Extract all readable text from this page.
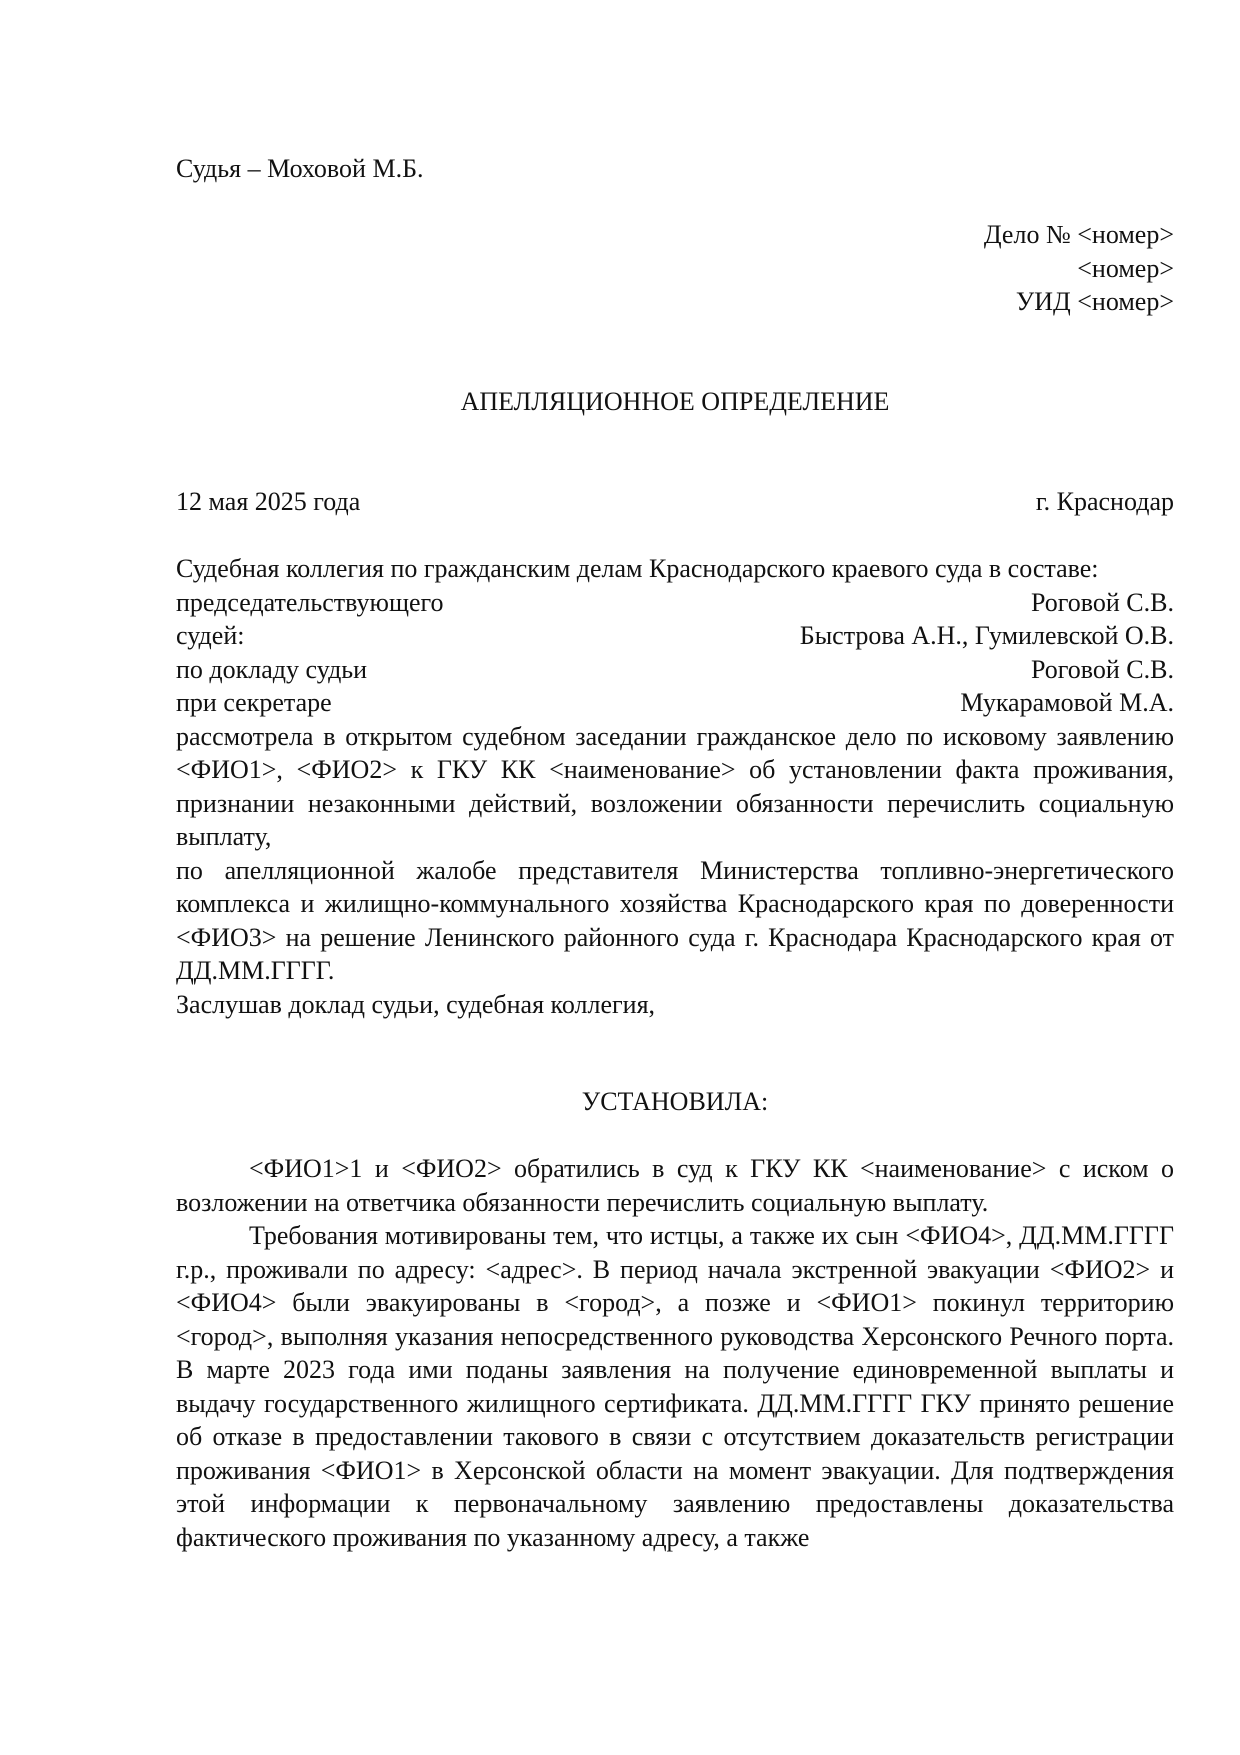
Судья – Моховой М.Б.
Дело № <номер>
<номер>
УИД <номер>
АПЕЛЛЯЦИОННОЕ ОПРЕДЕЛЕНИЕ
12 мая 2025 года	г. Краснодар

Судебная коллегия по гражданским делам Краснодарского краевого суда в составе:

председательствующего	Роговой С.В.
судей:	Быстрова А.Н., Гумилевской О.В.
по докладу судьи	Роговой С.В.
при секретаре	Мукарамовой М.А.

рассмотрела в открытом судебном заседании гражданское дело по исковому заявлению <ФИО1>, <ФИО2> к ГКУ КК <наименование> об установлении факта проживания, признании незаконными действий, возложении обязанности перечислить социальную выплату,

по апелляционной жалобе представителя Министерства топливно-энергетического комплекса и жилищно-коммунального хозяйства Краснодарского края по доверенности <ФИО3> на решение Ленинского районного суда г. Краснодара Краснодарского края от ДД.ММ.ГГГГ.

Заслушав доклад судьи, судебная коллегия,

УСТАНОВИЛА:

<ФИО1>1 и <ФИО2> обратились в суд к ГКУ КК <наименование> с иском о возложении на ответчика обязанности перечислить социальную выплату.

Требования мотивированы тем, что истцы, а также их сын <ФИО4>, ДД.ММ.ГГГГ г.р., проживали по адресу: <адрес>. В период начала экстренной эвакуации <ФИО2> и <ФИО4> были эвакуированы в <город>, а позже и <ФИО1> покинул территорию <город>, выполняя указания непосредственного руководства Херсонского Речного порта. В марте 2023 года ими поданы заявления на получение единовременной выплаты и выдачу государственного жилищного сертификата. ДД.ММ.ГГГГ ГКУ принято решение об отказе в предоставлении такового в связи с отсутствием доказательств регистрации проживания <ФИО1> в Херсонской области на момент эвакуации. Для подтверждения этой информации к первоначальному заявлению предоставлены доказательства фактического проживания по указанному адресу, а также
